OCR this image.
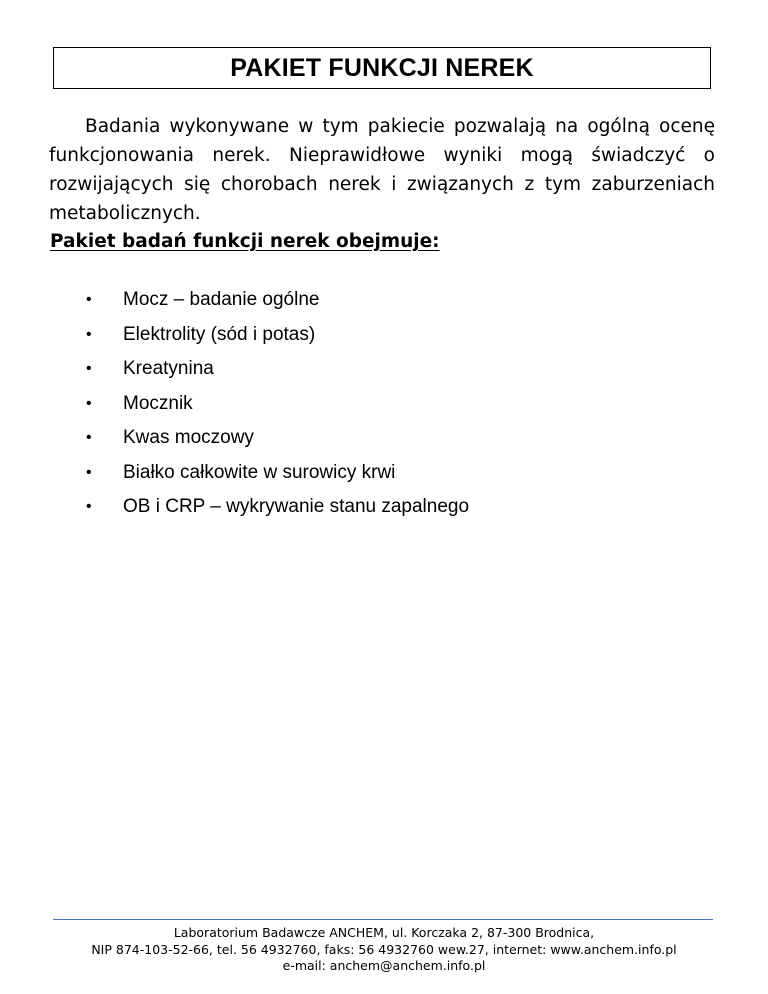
PAKIET FUNKCJI NEREK

Badania wykonywane w tym pakiecie pozwalają na ogólną ocenę funkcjonowania nerek. Nieprawidłowe wyniki mogą świadczyć o rozwijających się chorobach nerek i związanych z tym zaburzeniach metabolicznych.

Pakiet badań funkcji nerek obejmuje:

• Mocz – badanie ogólne
• Elektrolity (sód i potas)
• Kreatynina
• Mocznik
• Kwas moczowy
• Białko całkowite w surowicy krwi
• OB i CRP – wykrywanie stanu zapalnego
Laboratorium Badawcze ANCHEM, ul. Korczaka 2, 87-300 Brodnica,
NIP 874-103-52-66, tel. 56 4932760, faks: 56 4932760 wew.27, internet: www.anchem.info.pl
e-mail: anchem@anchem.info.pl
